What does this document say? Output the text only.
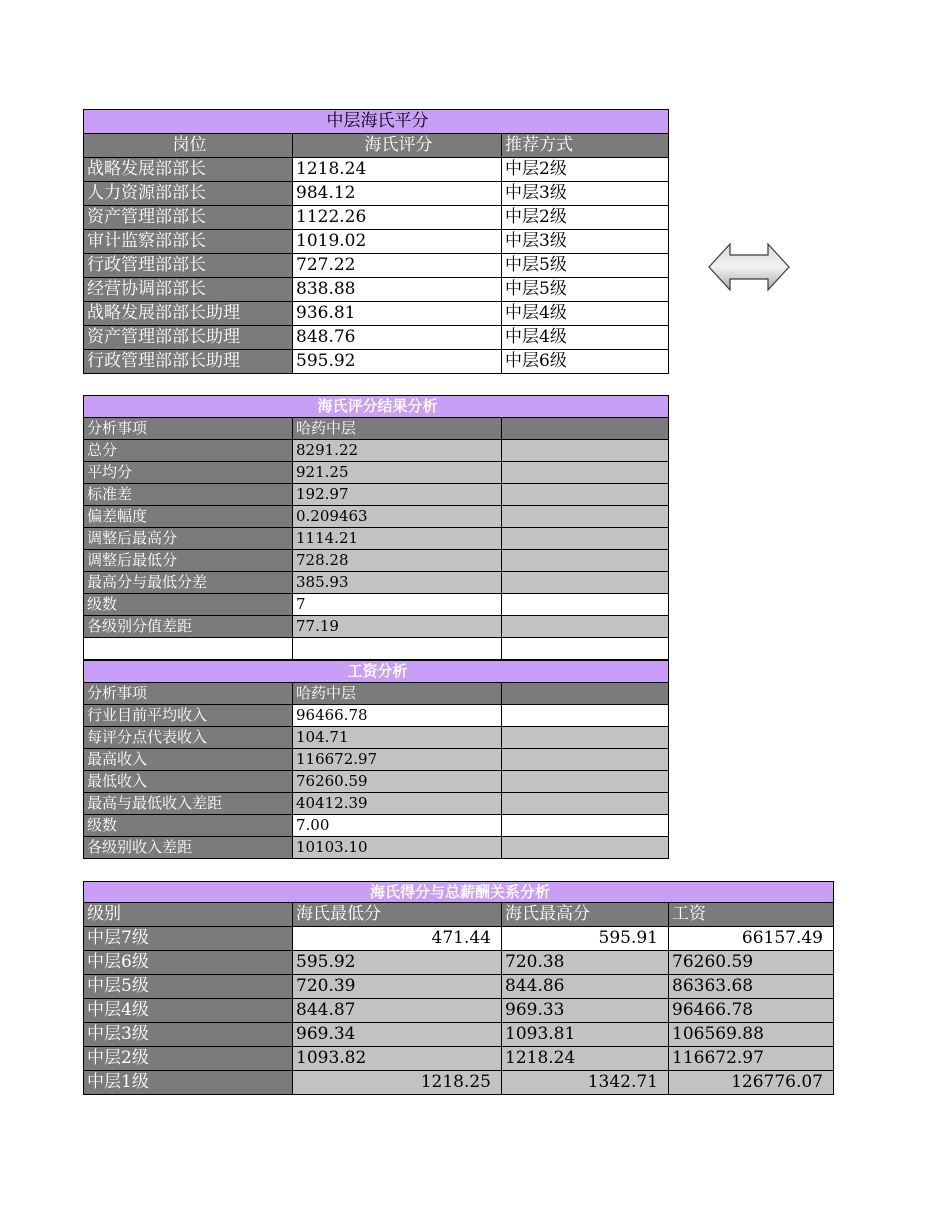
中层海氏平分		
岗位	海氏评分	推荐方式
战略发展部部长	1218.24	中层2级
人力资源部部长	984.12	中层3级
资产管理部部长	1122.26	中层2级
审计监察部部长	1019.02	中层3级
行政管理部部长	727.22	中层5级
经营协调部部长	838.88	中层5级
战略发展部部长助理	936.81	中层4级
资产管理部部长助理	848.76	中层4级
行政管理部部长助理	595.92	中层6级
海氏评分结果分析		
分析事项	哈药中层	
总分	8291.22	
平均分	921.25	
标准差	192.97	
偏差幅度	0.209463	
调整后最高分	1114.21	
调整后最低分	728.28	
最高分与最低分差	385.93	
级数	7	
各级别分值差距	77.19	

工资分析		
分析事项	哈药中层	
行业目前平均收入	96466.78	
每评分点代表收入	104.71	
最高收入	116672.97	
最低收入	76260.59	
最高与最低收入差距	40412.39	
级数	7.00	
各级别收入差距	10103.10	
海氏得分与总薪酬关系分析			
级别	海氏最低分	海氏最高分	工资
中层7级	471.44	595.91	66157.49
中层6级	595.92	720.38	76260.59
中层5级	720.39	844.86	86363.68
中层4级	844.87	969.33	96466.78
中层3级	969.34	1093.81	106569.88
中层2级	1093.82	1218.24	116672.97
中层1级	1218.25	1342.71	126776.07
